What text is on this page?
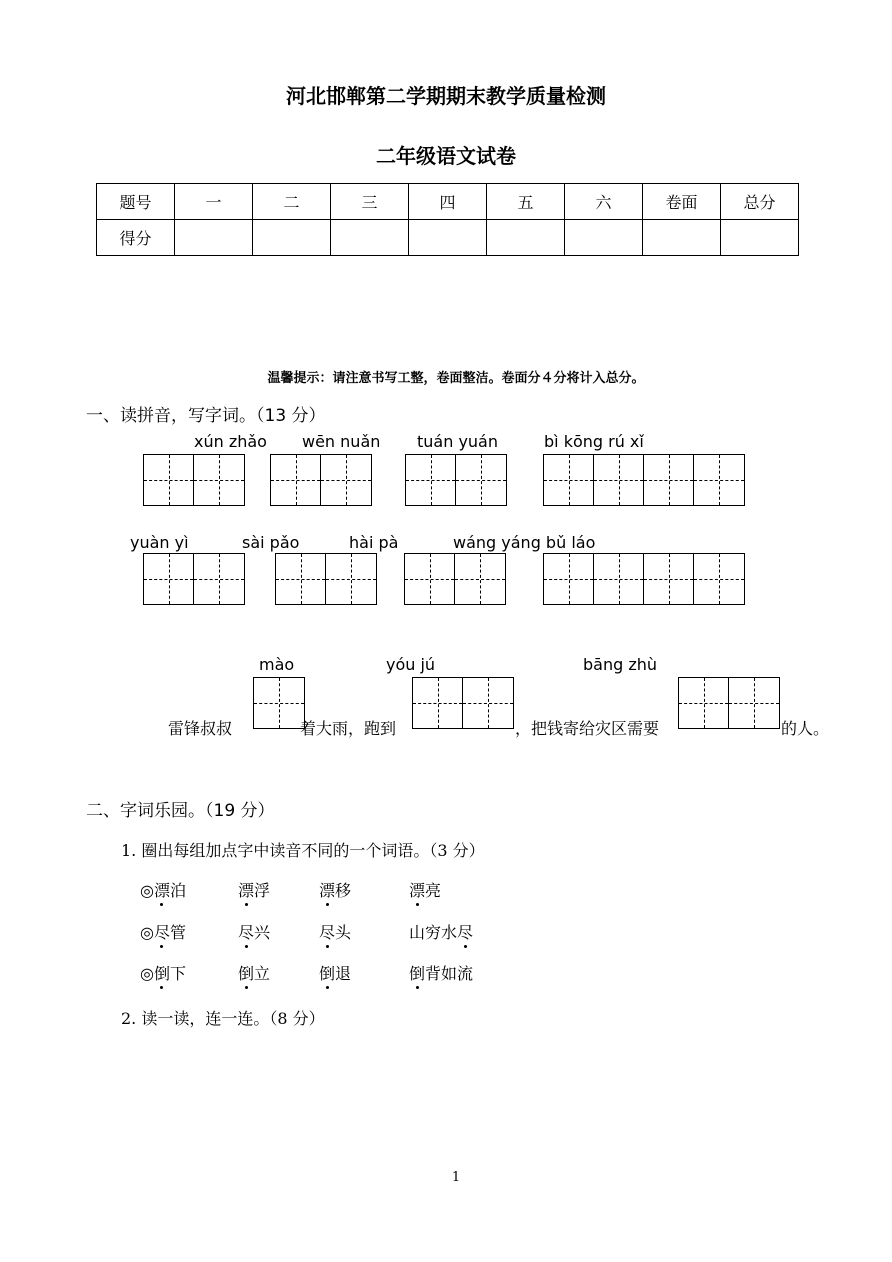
河北邯郸第二学期期末教学质量检测
二年级语文试卷
题号	一	二	三	四	五	六	卷面	总分
得分								
温馨提示：请注意书写工整，卷面整洁。卷面分４分将计入总分。
一、读拼音，写字词。（13 分）
xún zhǎo wēn nuǎn tuán yuán	bì kōng rú xǐ
yuàn yì	sài pǎo	hài pà	wáng yáng bǔ láo
mào	yóu jú	bāng zhù
雷锋叔叔	着大雨，跑到	，把钱寄给灾区需要	的人。
二、字词乐园。（19 分）
1. 圈出每组加点字中读音不同的一个词语。（3 分）
◎漂泊	漂浮	漂移	漂亮
◎尽管	尽兴	尽头	山穷水尽
◎倒下	倒立	倒退	倒背如流
2. 读一读，连一连。（8 分）
1
